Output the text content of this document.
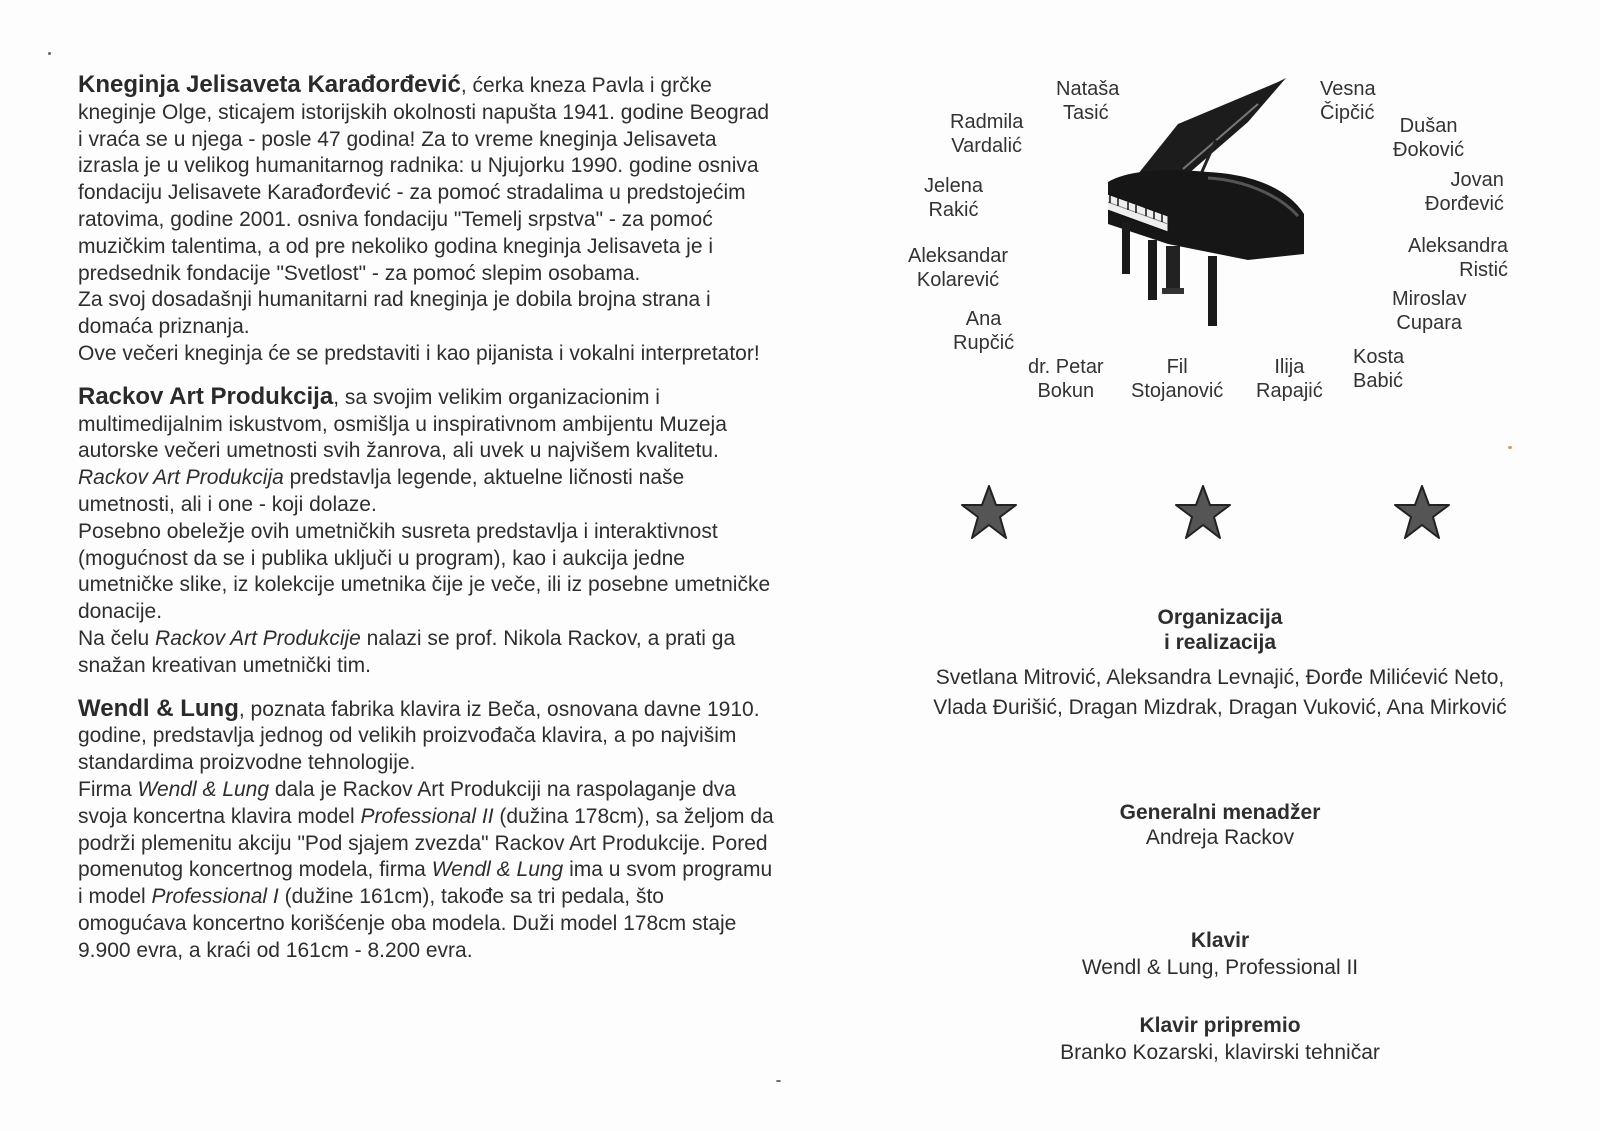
Kneginja Jelisaveta Karađorđević, ćerka kneza Pavla i grčke kneginje Olge, sticajem istorijskih okolnosti napušta 1941. godine Beograd i vraća se u njega - posle 47 godina! Za to vreme kneginja Jelisaveta izrasla je u velikog humanitarnog radnika: u Njujorku 1990. godine osniva fondaciju Jelisavete Karađorđević - za pomoć stradalima u predstojećim ratovima, godine 2001. osniva fondaciju "Temelj srpstva" - za pomoć muzičkim talentima, a od pre nekoliko godina kneginja Jelisaveta je i predsednik fondacije "Svetlost" - za pomoć slepim osobama.

Za svoj dosadašnji humanitarni rad kneginja je dobila brojna strana i domaća priznanja.

Ove večeri kneginja će se predstaviti i kao pijanista i vokalni interpretator!

Rackov Art Produkcija, sa svojim velikim organizacionim i multimedijalnim iskustvom, osmišlja u inspirativnom ambijentu Muzeja autorske večeri umetnosti svih žanrova, ali uvek u najvišem kvalitetu. Rackov Art Produkcija predstavlja legende, aktuelne ličnosti naše umetnosti, ali i one - koji dolaze.

Posebno obeležje ovih umetničkih susreta predstavlja i interaktivnost (mogućnost da se i publika uključi u program), kao i aukcija jedne umetničke slike, iz kolekcije umetnika čije je veče, ili iz posebne umetničke donacije.

Na čelu Rackov Art Produkcije nalazi se prof. Nikola Rackov, a prati ga snažan kreativan umetnički tim.

Wendl & Lung, poznata fabrika klavira iz Beča, osnovana davne 1910. godine, predstavlja jednog od velikih proizvođača klavira, a po najvišim standardima proizvodne tehnologije.

Firma Wendl & Lung dala je Rackov Art Produkciji na raspolaganje dva svoja koncertna klavira model Professional II (dužina 178cm), sa željom da podrži plemenitu akciju "Pod sjajem zvezda" Rackov Art Produkcije. Pored pomenutog koncertnog modela, firma Wendl & Lung ima u svom programu i model Professional I (dužine 161cm), takođe sa tri pedala, što omogućava koncertno korišćenje oba modela. Duži model 178cm staje 9.900 evra, a kraći od 161cm - 8.200 evra.

Nataša
Tasić
Radmila
Vardalić
Jelena
Rakić
Aleksandar
Kolarević
Ana
Rupčić
dr. Petar
Bokun
Fil
Stojanović
Ilija
Rapajić
Kosta
Babić
Miroslav
Cupara
Aleksandra
Ristić
Jovan
Đorđević
Dušan
Đoković
Vesna
Čipčić
Organizacija
i realizacija

Svetlana Mitrović, Aleksandra Levnajić, Đorđe Milićević Neto,

Vlada Đurišić, Dragan Mizdrak, Dragan Vuković, Ana Mirković

Generalni menadžer

Andreja Rackov

Klavir

Wendl & Lung, Professional II

Klavir pripremio

Branko Kozarski, klavirski tehničar
